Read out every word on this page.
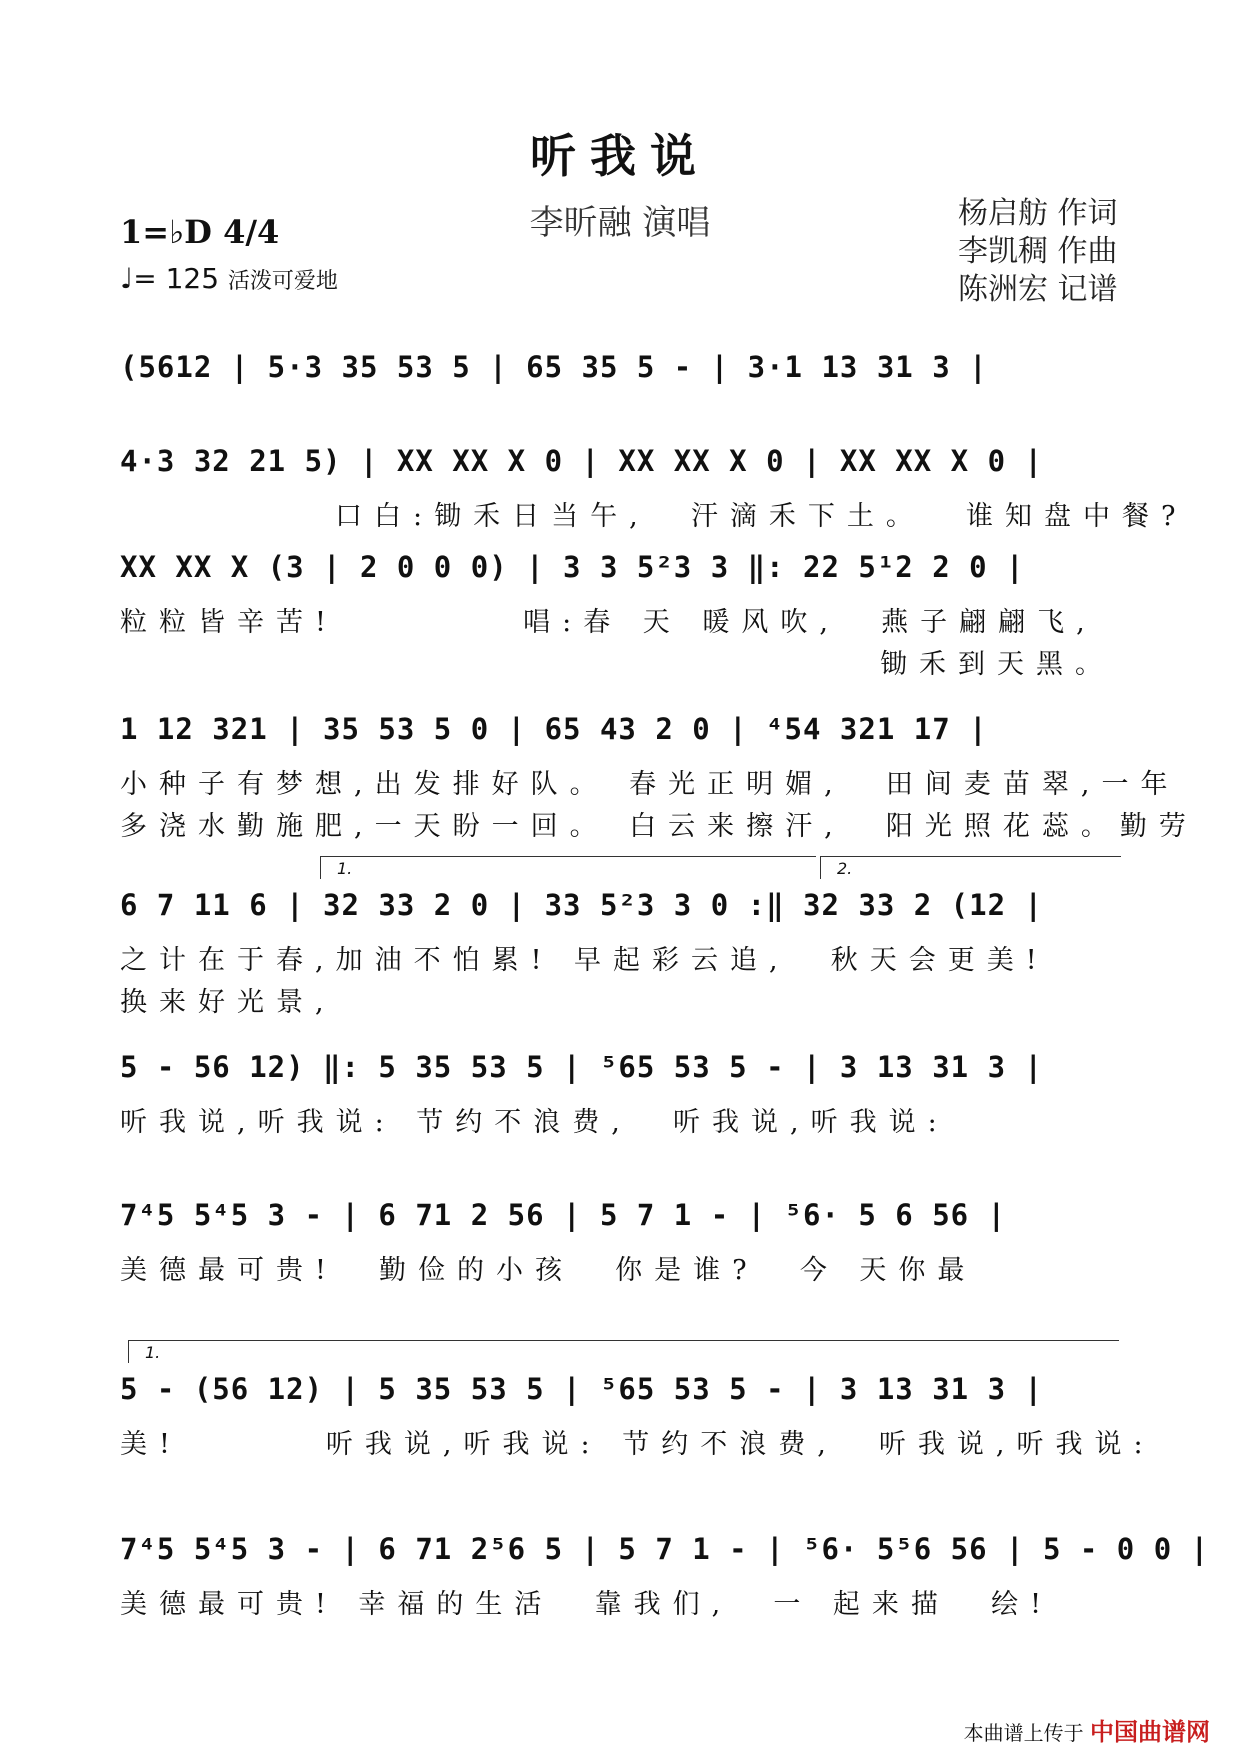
听我说
李昕融 演唱	杨启舫 作词
李凯稠 作曲
陈洲宏 记谱
1=♭D 4/4
♩= 125 活泼可爱地
(5612 | 5·3 35 53 5 | 65 35 5 - | 3·1 13 31 3 |
4·3 32 21 5) | XX XX X 0 | XX XX X 0 | XX XX X 0 |
口白:锄禾日当午,  汗滴禾下土。  谁知盘中餐?
XX XX X (3 | 2 0 0 0) | 3 3 5²3 3 ‖: 22 5¹2 2 0 |
粒粒皆辛苦!         唱:春 天 暖风吹,  燕子翩翩飞,
锄禾到天黑。
1 12 321 | 35 53 5 0 | 65 43 2 0 | ⁴54 321 17 |
小种子有梦想,出发排好队。 春光正明媚,  田间麦苗翠,一年
多浇水勤施肥,一天盼一回。 白云来擦汗,  阳光照花蕊。勤劳
6 7 11 6 | 32 33 2 0 | 33 5²3 3 0 :‖ 32 33 2 (12 |
之计在于春,加油不怕累! 早起彩云追,  秋天会更美!
换来好光景,
1.	2.
5 - 56 12) ‖: 5 35 53 5 | ⁵65 53 5 - | 3 13 31 3 |
听我说,听我说: 节约不浪费,  听我说,听我说:
7⁴5 5⁴5 3 - | 6 71 2 56 | 5 7 1 - | ⁵6· 5 6 56 |
美德最可贵!  勤俭的小孩  你是谁?  今 天你最
5 - (56 12) | 5 35 53 5 | ⁵65 53 5 - | 3 13 31 3 |
美!       听我说,听我说: 节约不浪费,  听我说,听我说:
1.
7⁴5 5⁴5 3 - | 6 71 2⁵6 5 | 5 7 1 - | ⁵6· 5⁵6 56 | 5 - 0 0 |
美德最可贵! 幸福的生活  靠我们,  一 起来描  绘!
本曲谱上传于 中国曲谱网
